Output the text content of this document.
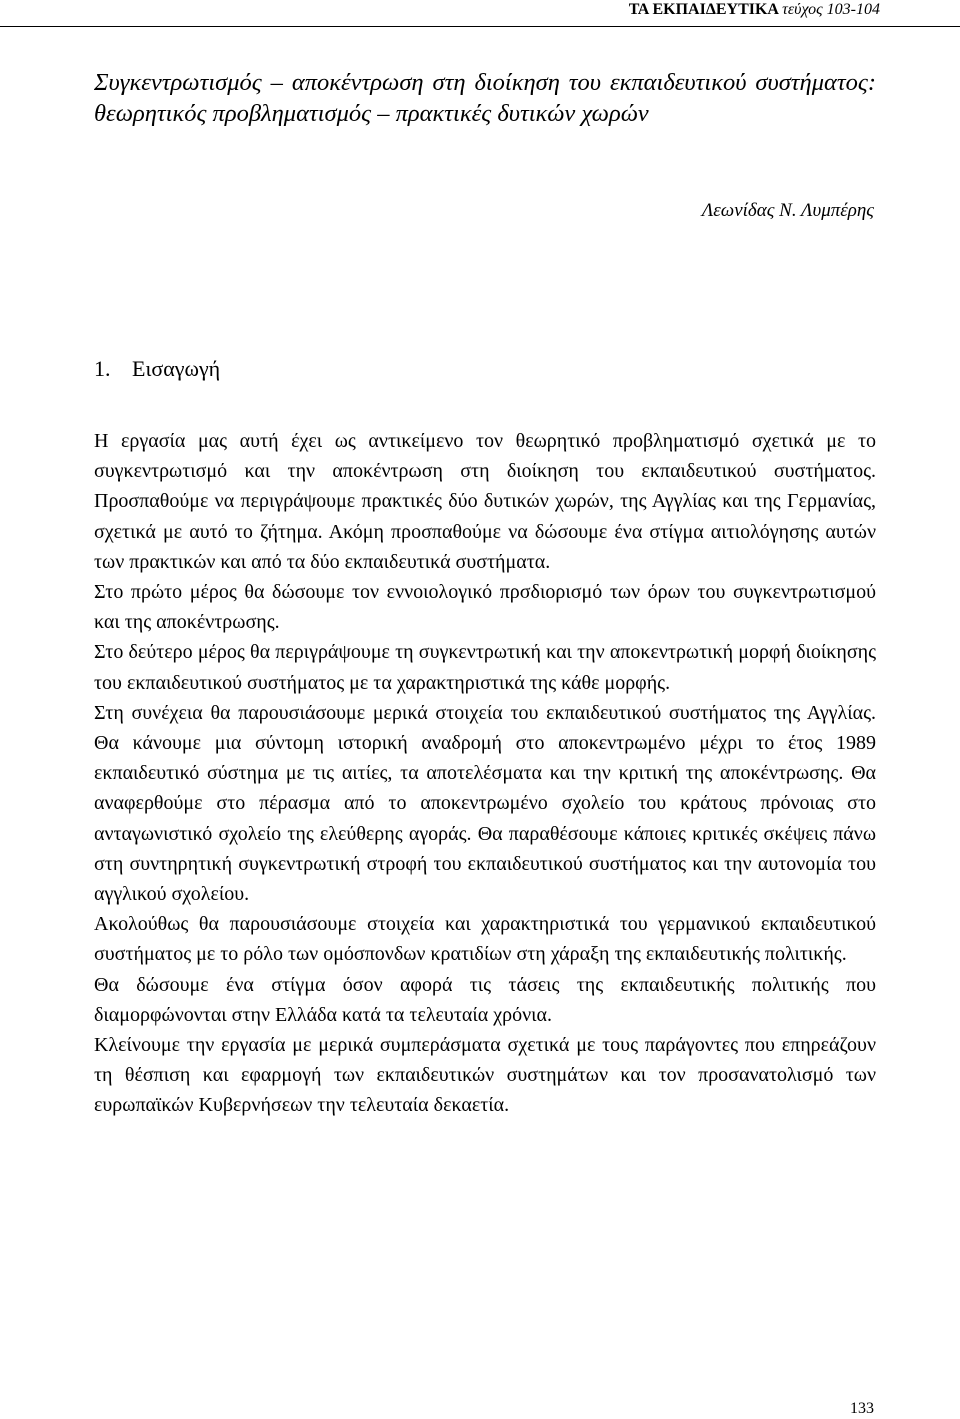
ΤΑ ΕΚΠΑΙΔΕΥΤΙΚΑ τεύχος 103-104
Συγκεντρωτισμός – αποκέντρωση στη διοίκηση του εκπαιδευτικού συστήματος: θεωρητικός προβληματισμός – πρακτικές δυτικών χωρών
Λεωνίδας Ν. Λυμπέρης
1. Εισαγωγή

Η εργασία μας αυτή έχει ως αντικείμενο τον θεωρητικό προβληματισμό σχετικά με το συγκεντρωτισμό και την αποκέντρωση στη διοίκηση του εκπαιδευτικού συστήματος. Προσπαθούμε να περιγράψουμε πρακτικές δύο δυτικών χωρών, της Αγγλίας και της Γερμανίας, σχετικά με αυτό το ζήτημα. Ακόμη προσπαθούμε να δώσουμε ένα στίγμα αιτιολόγησης αυτών των πρακτικών και από τα δύο εκπαιδευτικά συστήματα.

Στο πρώτο μέρος θα δώσουμε τον εννοιολογικό πρσδιορισμό των όρων του συγκεντρωτισμού και της αποκέντρωσης.

Στο δεύτερο μέρος θα περιγράψουμε τη συγκεντρωτική και την αποκεντρωτική μορφή διοίκησης του εκπαιδευτικού συστήματος με τα χαρακτηριστικά της κάθε μορφής.

Στη συνέχεια θα παρουσιάσουμε μερικά στοιχεία του εκπαιδευτικού συστήματος της Αγγλίας. Θα κάνουμε μια σύντομη ιστορική αναδρομή στο αποκεντρωμένο μέχρι το έτος 1989 εκπαιδευτικό σύστημα με τις αιτίες, τα αποτελέσματα και την κριτική της αποκέντρωσης. Θα αναφερθούμε στο πέρασμα από το αποκεντρωμένο σχολείο του κράτους πρόνοιας στο ανταγωνιστικό σχολείο της ελεύθερης αγοράς. Θα παραθέσουμε κάποιες κριτικές σκέψεις πάνω στη συντηρητική συγκεντρωτική στροφή του εκπαιδευτικού συστήματος και την αυτονομία του αγγλικού σχολείου.

Ακολούθως θα παρουσιάσουμε στοιχεία και χαρακτηριστικά του γερμανικού εκπαιδευτικού συστήματος με το ρόλο των ομόσπονδων κρατιδίων στη χάραξη της εκπαιδευτικής πολιτικής.

Θα δώσουμε ένα στίγμα όσον αφορά τις τάσεις της εκπαιδευτικής πολιτικής που διαμορφώνονται στην Ελλάδα κατά τα τελευταία χρόνια.

Κλείνουμε την εργασία με μερικά συμπεράσματα σχετικά με τους παράγοντες που επηρεάζουν τη θέσπιση και εφαρμογή των εκπαιδευτικών συστημάτων και τον προσανατολισμό των ευρωπαϊκών Κυβερνήσεων την τελευταία δεκαετία.

133
